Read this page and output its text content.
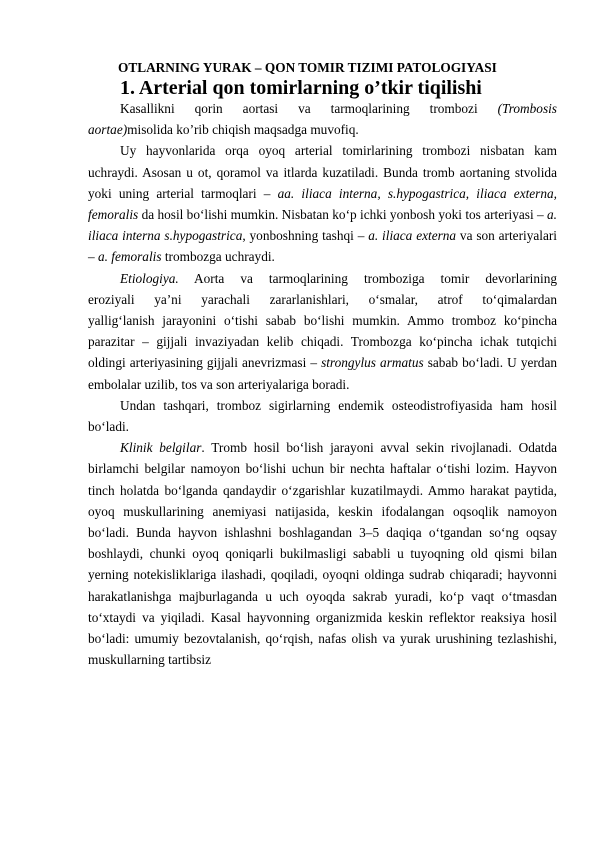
OTLARNING YURAK – QON TOMIR TIZIMI PATOLOGIYASI
1. Arterial qon tomirlarning o’tkir tiqilishi
Kasallikni qorin aortasi va tarmoqlarining trombozi (Trombosis
aortae)misolida ko’rib chiqish maqsadga muvofiq.

Uy hayvonlarida orqa oyoq arterial tomirlarining trombozi nisbatan kam uchraydi. Asosan u ot, qoramol va itlarda kuzatiladi. Bunda tromb aortaning stvolida yoki uning arterial tarmoqlari – aa. iliaca interna, s.hypogastrica, iliaca externa, femoralis da hosil bo‘lishi mumkin. Nisbatan ko‘p ichki yonbosh yoki tos arteriyasi – a. iliaca interna s.hypogastrica, yonboshning tashqi – a. iliaca externa va son arteriyalari – a. femoralis trombozga uchraydi.

Etiologiya. Aorta va tarmoqlarining tromboziga tomir devorlarining
eroziyali ya’ni yarachali zararlanishlari, o‘smalar, atrof to‘qimalardan

yallig‘lanish jarayonini o‘tishi sabab bo‘lishi mumkin. Ammo tromboz ko‘pincha parazitar – gijjali invaziyadan kelib chiqadi. Trombozga ko‘pincha ichak tutqichi oldingi arteriyasining gijjali anevrizmasi – strongylus armatus sabab bo‘ladi. U yerdan embolalar uzilib, tos va son arteriyalariga boradi.

Undan tashqari, tromboz sigirlarning endemik osteodistrofiyasida ham hosil bo‘ladi.

Klinik belgilar. Tromb hosil bo‘lish jarayoni avval sekin rivojlanadi. Odatda birlamchi belgilar namoyon bo‘lishi uchun bir nechta haftalar o‘tishi lozim. Hayvon tinch holatda bo‘lganda qandaydir o‘zgarishlar kuzatilmaydi. Ammo harakat paytida, oyoq muskullarining anemiyasi natijasida, keskin ifodalangan oqsoqlik namoyon bo‘ladi. Bunda hayvon ishlashni boshlagandan 3–5 daqiqa o‘tgandan so‘ng oqsay boshlaydi, chunki oyoq qoniqarli bukilmasligi sababli u tuyoqning old qismi bilan yerning notekisliklariga ilashadi, qoqiladi, oyoqni oldinga sudrab chiqaradi; hayvonni harakatlanishga majburlaganda u uch oyoqda sakrab yuradi, ko‘p vaqt o‘tmasdan to‘xtaydi va yiqiladi. Kasal hayvonning organizmida keskin reflektor reaksiya hosil bo‘ladi: umumiy bezovtalanish, qo‘rqish, nafas olish va yurak urushining tezlashishi, muskullarning tartibsiz
